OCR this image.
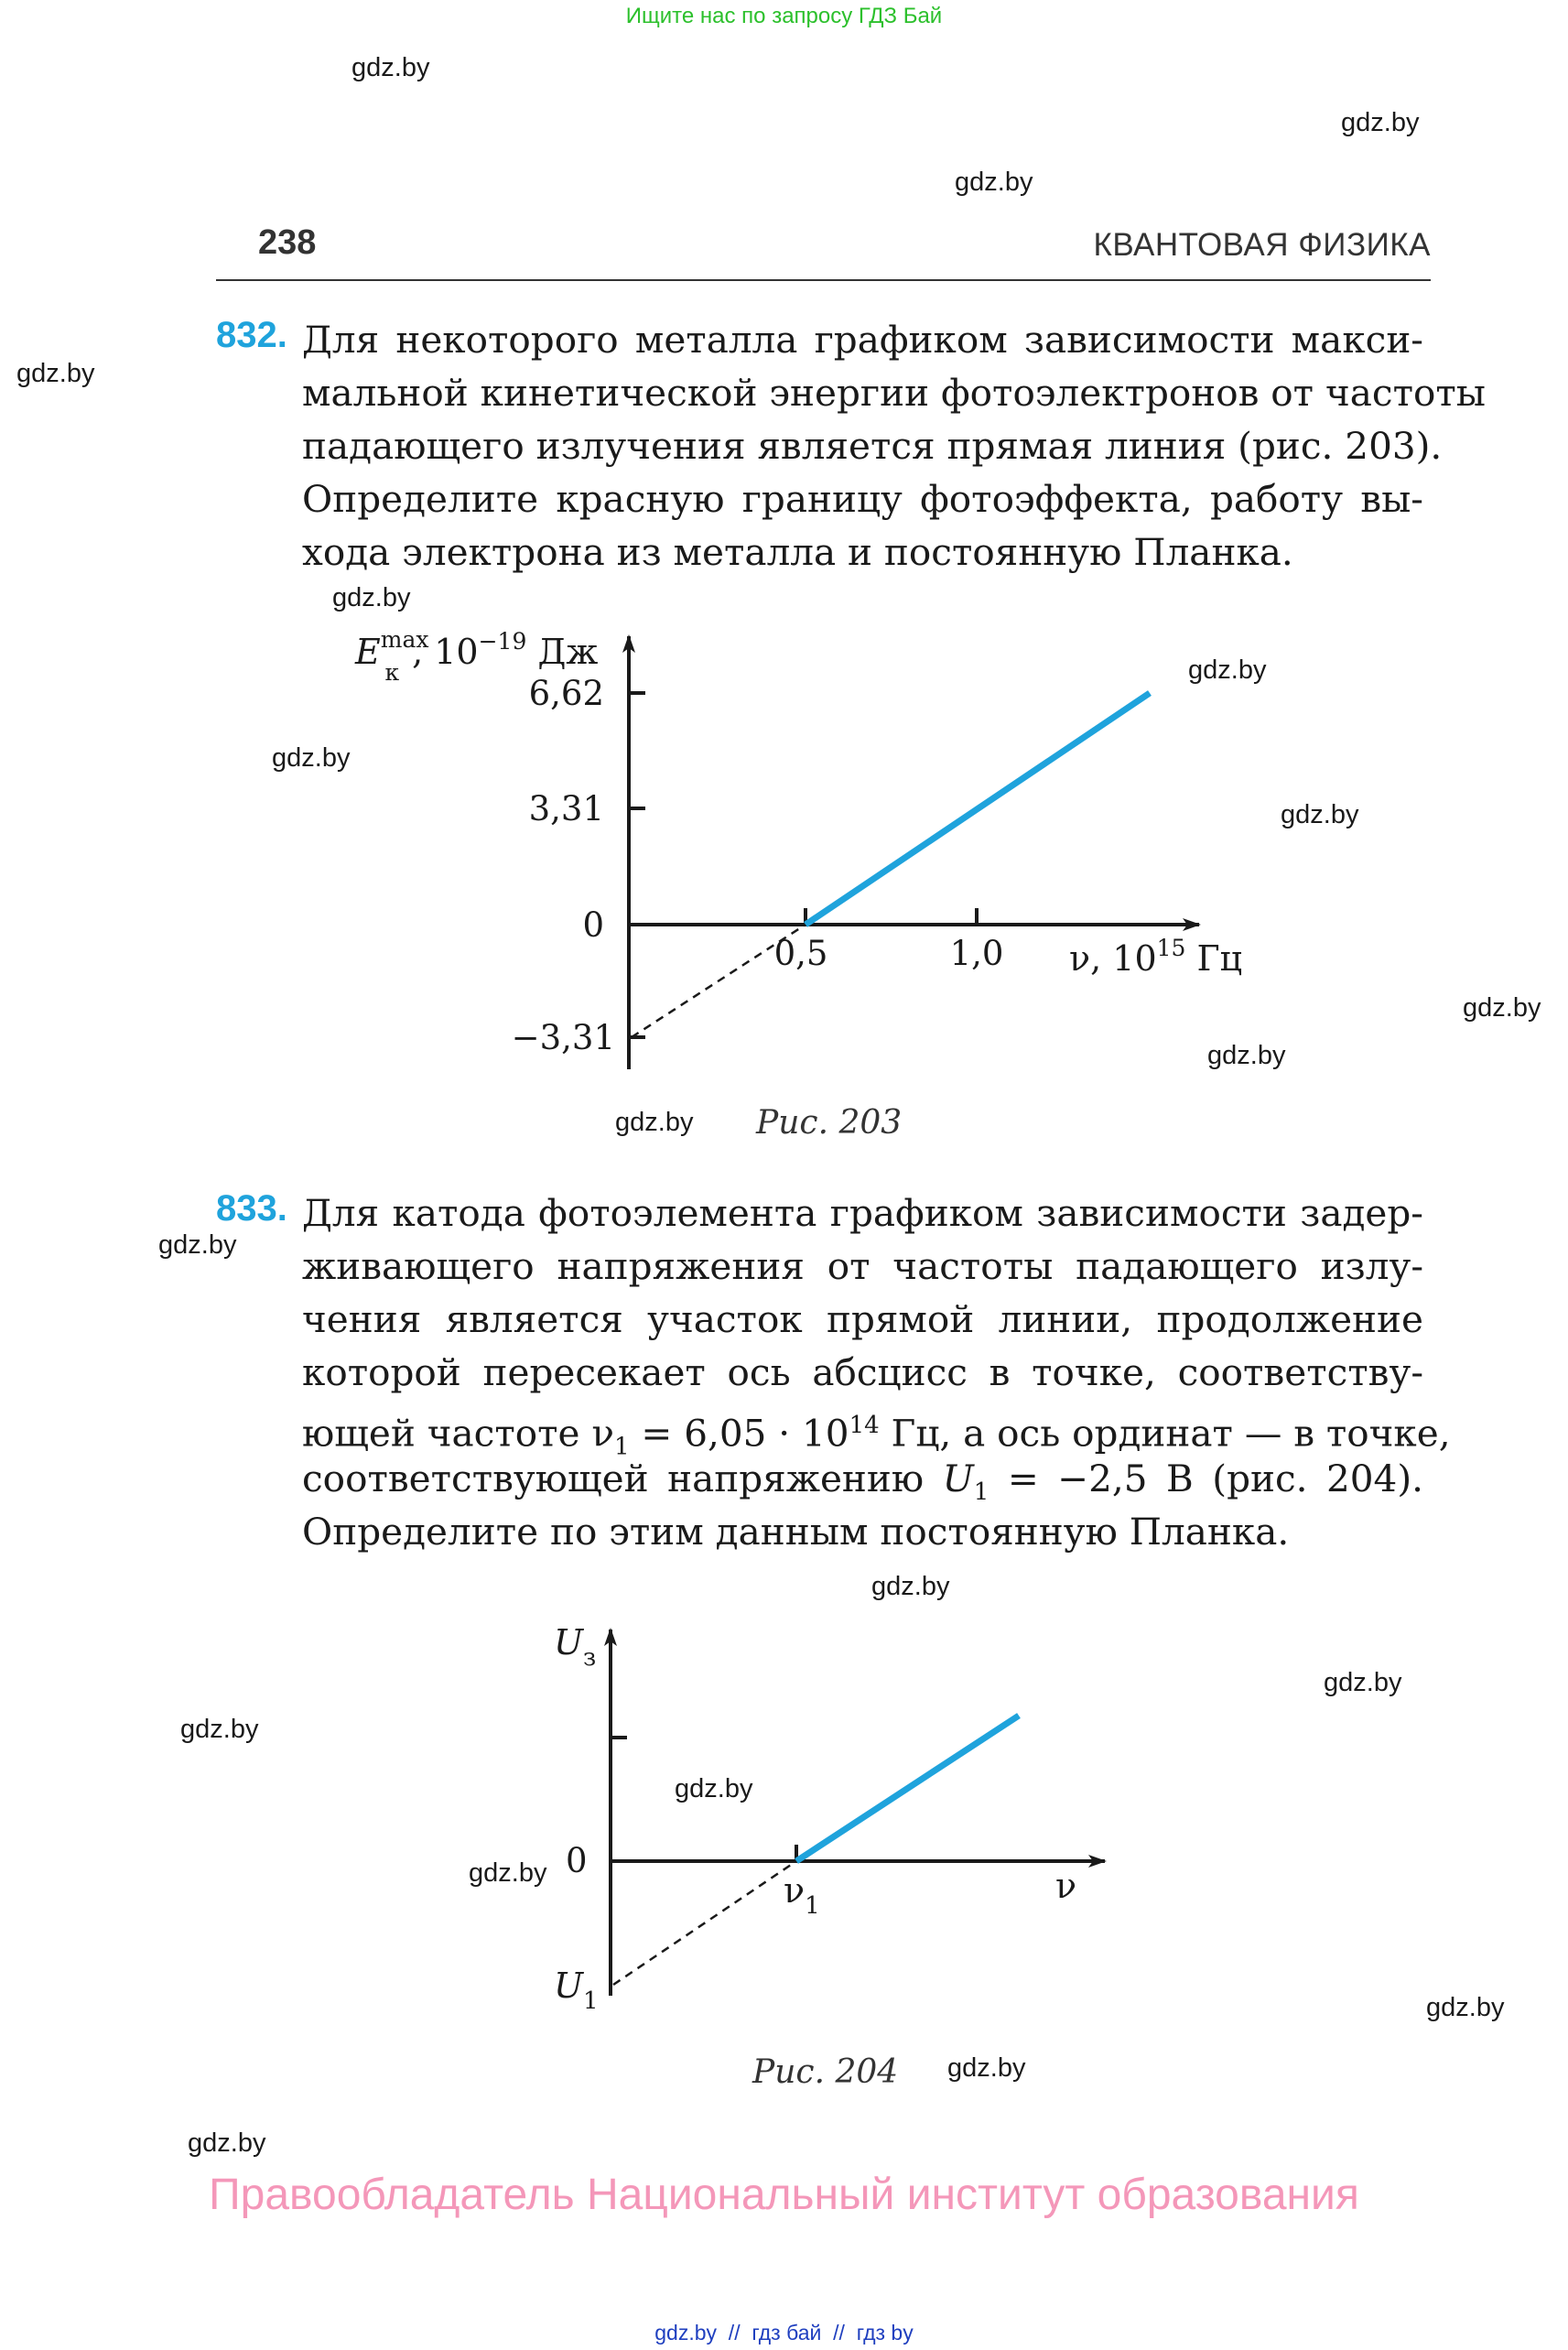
Ищите нас по запросу ГДЗ Бай
gdz.by
gdz.by
gdz.by
gdz.by
gdz.by
gdz.by
gdz.by
gdz.by
gdz.by
gdz.by
gdz.by
gdz.by
gdz.by
gdz.by
gdz.by
gdz.by
gdz.by
gdz.by
gdz.by
gdz.by
238	КВАНТОВАЯ ФИЗИКА
832. Для некоторого металла графиком зависимости макси-
мальной кинетической энергии фотоэлектронов от частоты
падающего излучения является прямая линия (рис. 203).
Определите красную границу фотоэффекта, работу вы-
хода электрона из металла и постоянную Планка.
$E^{max}$ к, $10^{-19}$ Дж
6,62
3,31
0
−3,31
0,5	1,0 ν, $10^{15}$ Гц
Рис. 203
833. Для катода фотоэлемента графиком зависимости задер-
живающего напряжения от частоты падающего излу-
чения является участок прямой линии, продолжение
которой пересекает ось абсцисс в точке, соответству-
ющей частоте $\nu_1 = 6,05 \cdot 10^{14}$ Гц, а ось ординат — в точке,
соответствующей напряжению $U_1 = -2,5$ В (рис. 204).
Определите по этим данным постоянную Планка.
$U_з$
$U_1$
0
$\nu_1$	ν
Рис. 204
Правообладатель Национальный институт образования
gdz.by  //  гдз бай  //  гдз by
